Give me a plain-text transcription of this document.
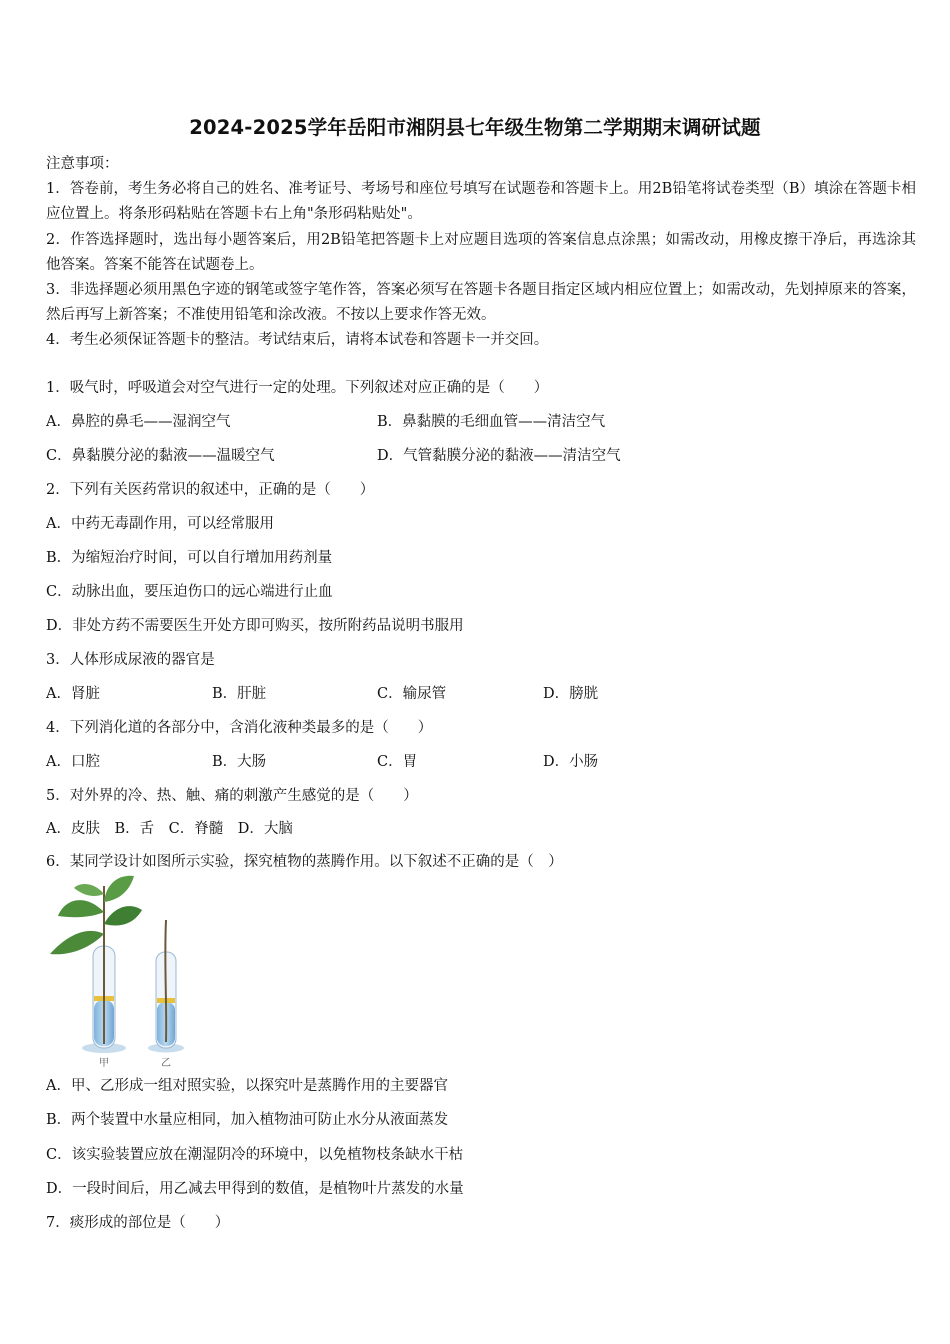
2024-2025学年岳阳市湘阴县七年级生物第二学期期末调研试题

注意事项：

1．答卷前，考生务必将自己的姓名、准考证号、考场号和座位号填写在试题卷和答题卡上。用2B铅笔将试卷类型（B）填涂在答题卡相应位置上。将条形码粘贴在答题卡右上角"条形码粘贴处"。

2．作答选择题时，选出每小题答案后，用2B铅笔把答题卡上对应题目选项的答案信息点涂黑；如需改动，用橡皮擦干净后，再选涂其他答案。答案不能答在试题卷上。

3．非选择题必须用黑色字迹的钢笔或签字笔作答，答案必须写在答题卡各题目指定区域内相应位置上；如需改动，先划掉原来的答案，然后再写上新答案；不准使用铅笔和涂改液。不按以上要求作答无效。

4．考生必须保证答题卡的整洁。考试结束后，请将本试卷和答题卡一并交回。

1．吸气时，呼吸道会对空气进行一定的处理。下列叙述对应正确的是（　　）
A．鼻腔的鼻毛——湿润空气	B．鼻黏膜的毛细血管——清洁空气
C．鼻黏膜分泌的黏液——温暖空气	D．气管黏膜分泌的黏液——清洁空气
2．下列有关医药常识的叙述中，正确的是（　　）
A．中药无毒副作用，可以经常服用
B．为缩短治疗时间，可以自行增加用药剂量
C．动脉出血，要压迫伤口的远心端进行止血
D．非处方药不需要医生开处方即可购买，按所附药品说明书服用
3．人体形成尿液的器官是
A．肾脏	B．肝脏	C．输尿管	D．膀胱
4．下列消化道的各部分中，含消化液种类最多的是（　　）
A．口腔	B．大肠	C．胃	D．小肠
5．对外界的冷、热、触、痛的刺激产生感觉的是（　　）
A．皮肤　B．舌　C．脊髓　D．大脑
6．某同学设计如图所示实验，探究植物的蒸腾作用。以下叙述不正确的是（　）
甲	乙
A．甲、乙形成一组对照实验，以探究叶是蒸腾作用的主要器官
B．两个装置中水量应相同，加入植物油可防止水分从液面蒸发
C．该实验装置应放在潮湿阴冷的环境中，以免植物枝条缺水干枯
D．一段时间后，用乙减去甲得到的数值，是植物叶片蒸发的水量
7．痰形成的部位是（　　）
